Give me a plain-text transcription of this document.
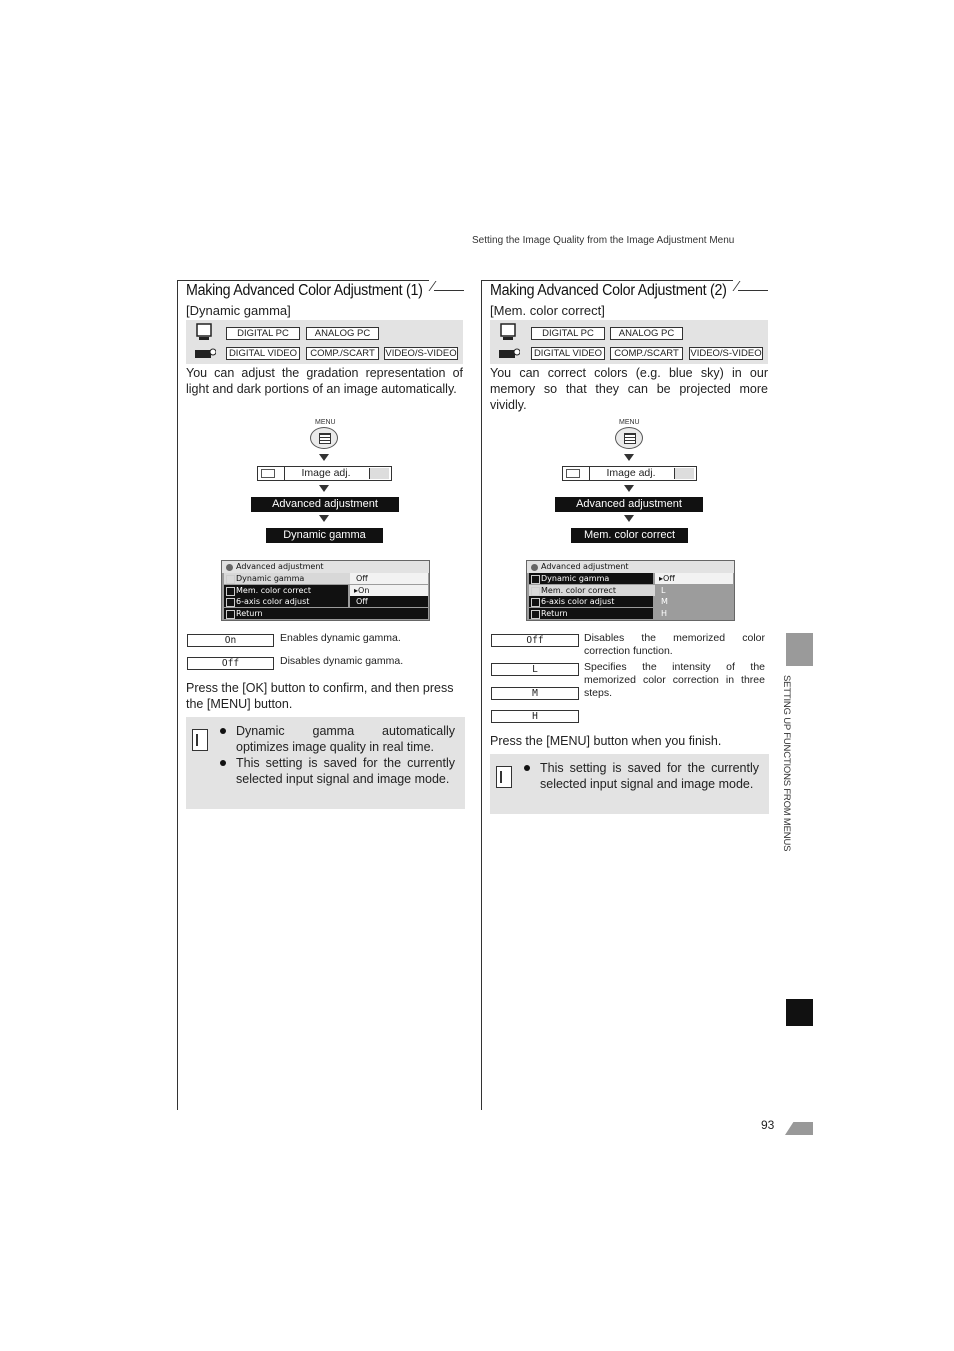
Setting the Image Quality from the Image Adjustment Menu
Making Advanced Color Adjustment (1)
[Dynamic gamma]
DIGITAL PC	ANALOG PC
DIGITAL VIDEO	COMP./SCART	VIDEO/S-VIDEO
You can adjust the gradation representation of light and dark portions of an image automatically.
MENU
Image adj.
Advanced adjustment
Dynamic gamma
Advanced adjustment
Dynamic gamma	Off
Mem. color correct	▸On
6-axis color adjust	Off
Return
On	Enables dynamic gamma.
Off	Disables dynamic gamma.
Press the [OK] button to confirm, and then press the [MENU] button.
Dynamic gamma automatically optimizes image quality in real time.
This setting is saved for the currently selected input signal and image mode.
Making Advanced Color Adjustment (2)
[Mem. color correct]
DIGITAL PC	ANALOG PC
DIGITAL VIDEO	COMP./SCART	VIDEO/S-VIDEO
You can correct colors (e.g. blue sky) in our memory so that they can be projected more vividly.
MENU
Image adj.
Advanced adjustment
Mem. color correct
Advanced adjustment
Dynamic gamma	▸Off
Mem. color correct	L
6-axis color adjust	M
Return	H
Off	Disables the memorized color correction function.
L	Specifies the intensity of the memorized color correction in three steps.
M
H
Press the [MENU] button when you finish.
This setting is saved for the currently selected input signal and image mode.	SETTING UP FUNCTIONS FROM MENUS
93
